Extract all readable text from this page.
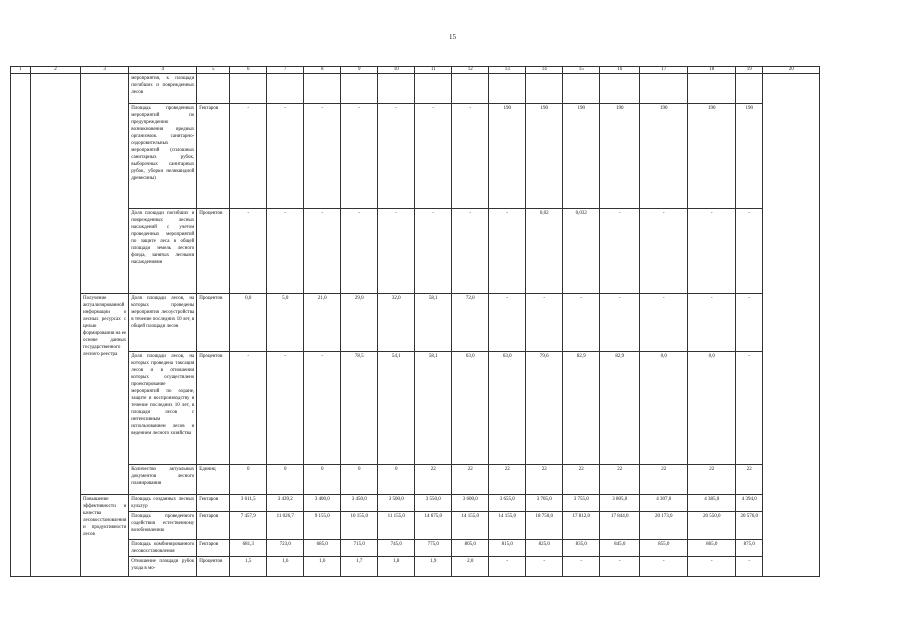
15
1	2	3	4	5	6	7	8	9	10	11	12	13	14	15	16	17	18	19	20
			мероприятия, к площади погибших и поврежденных лесов																
			Площадь проведенных мероприятий по предупреждению возникновения вредных организмов. санитарно-оздоровительных мероприятий (сплошных санитарных рубок, выборочных санитарных рубок, уборки нeликвидной древесины)	Гектаров	-	-	-	-	-	-	-	190	190	190	190	190	190	190	
			Доля площади погибших и поврежденных лесных насаждений с учетом проведенных мероприятий по защите леса в общей площади земель лесного фонда, занятых лесными насаждениями	Процентов	-	-	-	-	-	-	-	-	0,02	0,032	-	-	-	-	
		Получение актуализированной информации о лесных ресурсах с целью формирования на ее основе данных государственного лесного реестра	Доля площади лесов, на которых проведены мероприятия лесоустройства в течение последних 10 лет, в общей площади лесов	Процентов	0,0	5,0	21,0	29,0	32,0	58,1	72,0	-	-	-	-	-	-	-	
			Доля площади лесов, на которых проведена таксация лесов и в отношении которых осуществлено проектирование мероприятий по охране, защите и воспроизводству в течение последних 10 лет, в площади лесов с интенсивным использованием лесов и ведением лесного хозяйства	Процентов	-	-	-	78,5	54,1	58,1	63,0	63,0	79,6	82,9	82,9	0,0	0,0	-	
			Количество актуальных документов лесного планирования	Единиц	0	0	0	0	0	22	22	22	22	22	22	22	22	22	
		Повышение эффективности и качества лесовосстановления и продуктивности лесов	Площадь созданных лесных культур	Гектаров	3 611,5	3 439,2	3 400,0	3 450,0	3 500,0	3 550,0	3 600,0	3 655,0	3 705,0	3 755,0	3 805,0	4 307,0	4 385,0	4 394,0	
			Площадь проведенного содействия естественному возобновлению	Гектаров	7 457,9	11 026,7	9 155,0	10 155,0	11 155,0	14 675,0	14 155,0	14 155,0	18 750,0	17 812,0	17 844,0	20 173,0	20 550,0	20 576,0	
			Площадь комбинированного лесовосстановления	Гектаров	681,3	723,0	685,0	715,0	745,0	775,0	805,0	815,0	825,0	835,0	845,0	855,0	865,0	875,0	
			Отношение площади рубок ухода в мо-	Процентов	1,5	1,6	1,6	1,7	1,8	1,9	2,0	-	-	-	-	-	-	-	
